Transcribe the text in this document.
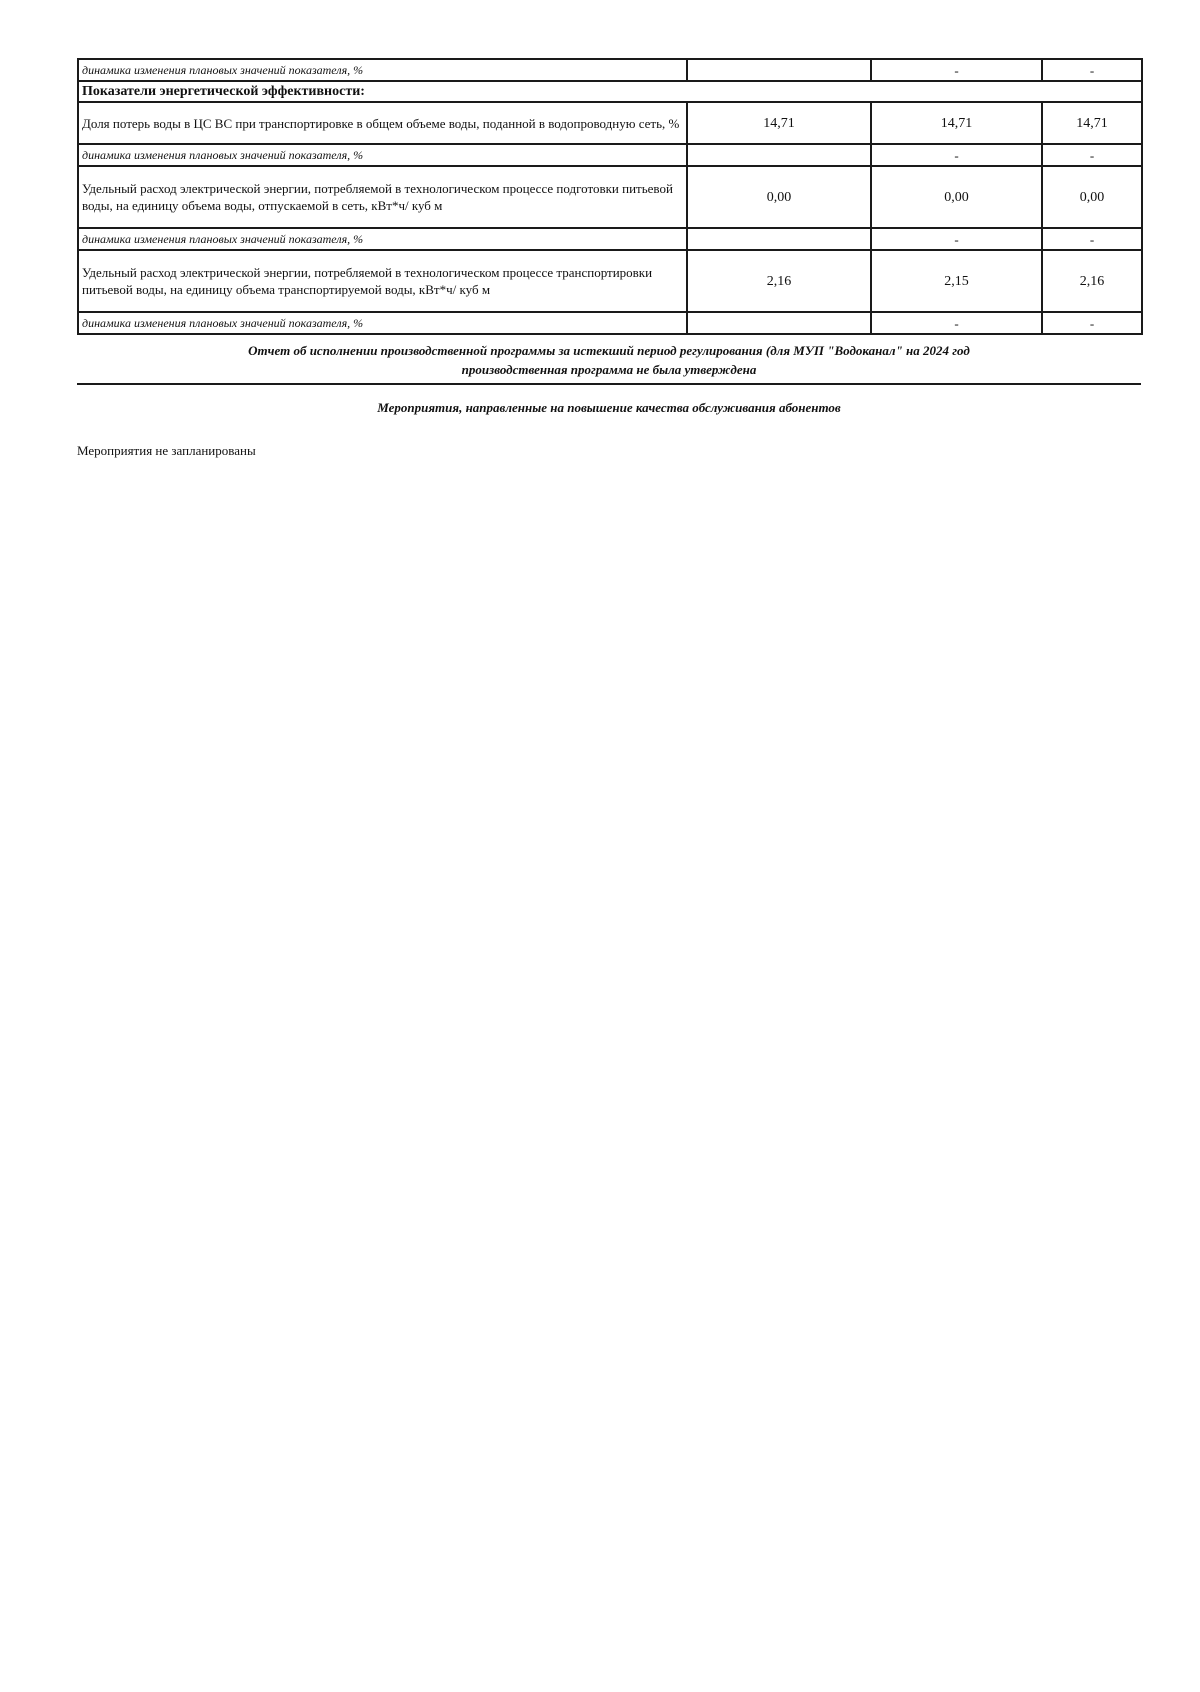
динамика изменения плановых значений показателя, %		-	-
Показатели энергетической эффективности:			
Доля потерь воды в ЦС ВС при транспортировке в общем объеме воды, поданной в водопроводную сеть, %	14,71	14,71	14,71
динамика изменения плановых значений показателя, %		-	-
Удельный расход электрической энергии, потребляемой в технологическом процессе подготовки питьевой воды, на единицу объема воды, отпускаемой в сеть, кВт*ч/ куб м	0,00	0,00	0,00
динамика изменения плановых значений показателя, %		-	-
Удельный расход электрической энергии, потребляемой в технологическом процессе транспортировки питьевой воды, на единицу объема транспортируемой воды, кВт*ч/ куб м	2,16	2,15	2,16
динамика изменения плановых значений показателя, %		-	-
Отчет об исполнении производственной программы за истекший период регулирования (для МУП "Водоканал" на 2024 год
производственная программа не была утверждена
Мероприятия, направленные на повышение качества обслуживания абонентов
Мероприятия не запланированы
